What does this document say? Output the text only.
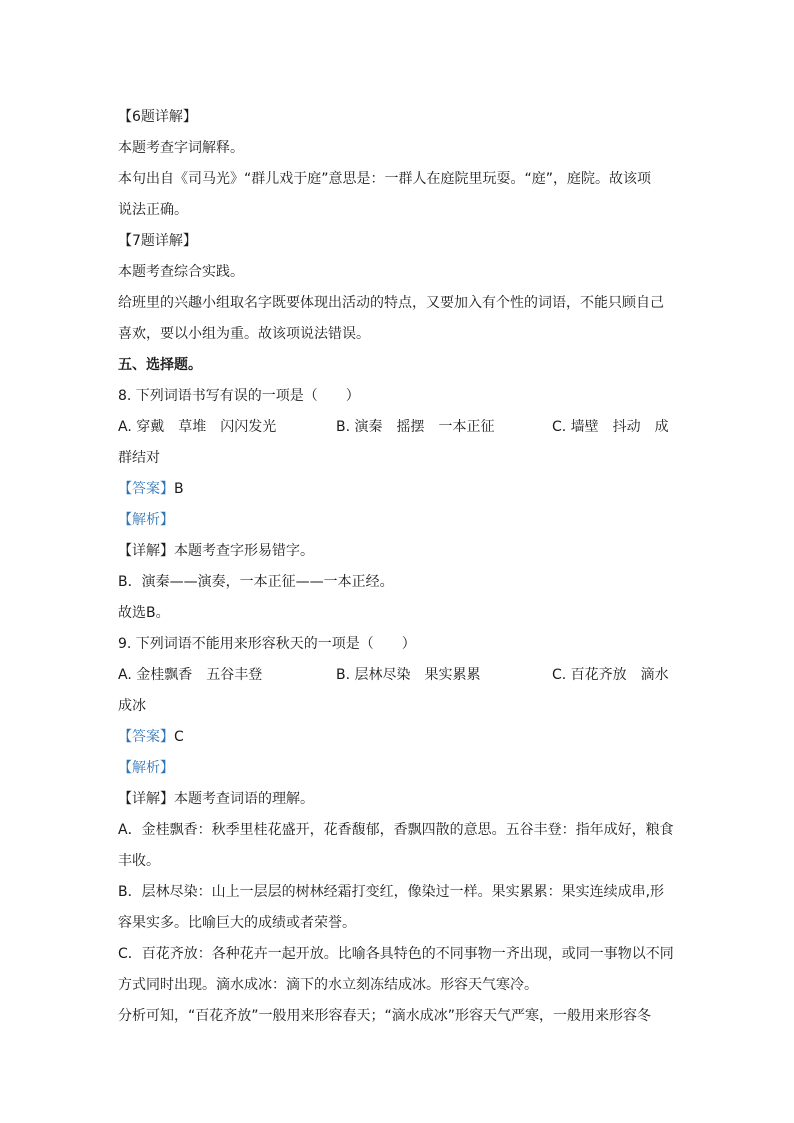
【6题详解】
本题考查字词解释。
本句出自《司马光》“群儿戏于庭”意思是：一群人在庭院里玩耍。“庭”，庭院。故该项
说法正确。
【7题详解】
本题考查综合实践。
给班里的兴趣小组取名字既要体现出活动的特点，又要加入有个性的词语，不能只顾自己
喜欢，要以小组为重。故该项说法错误。
五、选择题。
8. 下列词语书写有误的一项是（　　）
A. 穿戴　草堆　闪闪发光	B. 演秦　摇摆　一本正征	C. 墙壁　抖动　成
群结对
【答案】B
【解析】
【详解】本题考查字形易错字。
B．演秦——演奏，一本正征——一本正经。
故选B。
9. 下列词语不能用来形容秋天的一项是（　　）
A. 金桂飘香　五谷丰登	B. 层林尽染　果实累累	C. 百花齐放　滴水
成冰
【答案】C
【解析】
【详解】本题考查词语的理解。
A．金桂飘香：秋季里桂花盛开，花香馥郁，香飘四散的意思。五谷丰登：指年成好，粮食
丰收。
B．层林尽染：山上一层层的树林经霜打变红，像染过一样。果实累累：果实连续成串,形
容果实多。比喻巨大的成绩或者荣誉。
C．百花齐放：各种花卉一起开放。比喻各具特色的不同事物一齐出现，或同一事物以不同
方式同时出现。滴水成冰：滴下的水立刻冻结成冰。形容天气寒冷。
分析可知，“百花齐放”一般用来形容春天；“滴水成冰”形容天气严寒，一般用来形容冬
